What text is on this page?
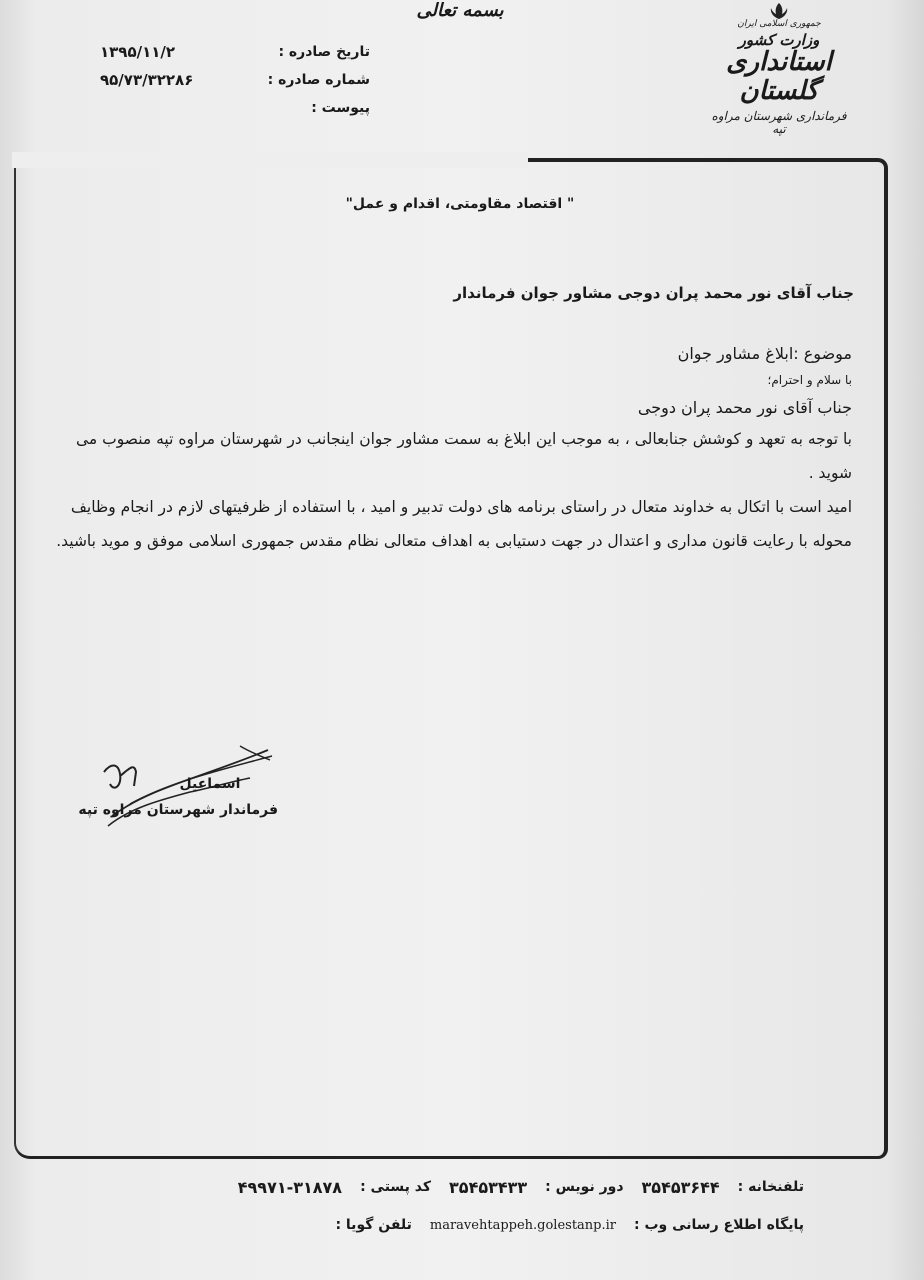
بسمه تعالی
جمهوری اسلامی ایران
وزارت کشور
استانداری گلستان
فرمانداری شهرستان مراوه تپه
تاریخ صادره :
۱۳۹۵/۱۱/۲
شماره صادره :
۹۵/۷۳/۳۲۲۸۶
پیوست :
" اقتصاد مقاومتی، اقدام و عمل"
جناب آقای نور محمد پران دوجی مشاور جوان فرماندار
موضوع :ابلاغ مشاور جوان
با سلام و احترام؛
جناب آقای نور محمد پران دوجی
با توجه به تعهد و کوشش جنابعالی ، به موجب این ابلاغ به سمت مشاور جوان اینجانب در شهرستان مراوه تپه منصوب می شوید .
امید است با اتکال به خداوند متعال در راستای برنامه های دولت تدبیر و امید ، با استفاده از ظرفیتهای لازم در انجام وظایف محوله با رعایت قانون مداری و اعتدال در جهت دستیابی به اهداف متعالی نظام مقدس جمهوری اسلامی موفق و موید باشید.
اسماعیل
فرماندار شهرستان مراوه تپه
تلفنخانه :
۳۵۴۵۳۶۴۴
دور نویس :
۳۵۴۵۳۴۳۳
کد پستی :
۴۹۹۷۱-۳۱۸۷۸
پایگاه اطلاع رسانی وب :
maravehtappeh.golestanp.ir
تلفن گویا :
